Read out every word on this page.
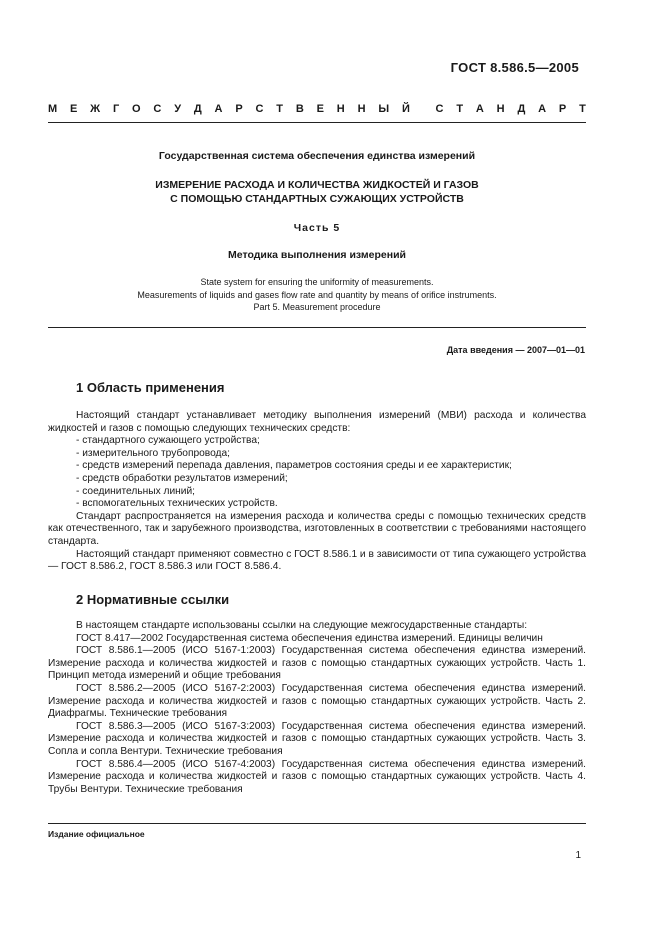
ГОСТ 8.586.5—2005
М Е Ж Г О С У Д А Р С Т В Е Н Н Ы Й С Т А Н Д А Р Т
Государственная система обеспечения единства измерений
ИЗМЕРЕНИЕ РАСХОДА И КОЛИЧЕСТВА ЖИДКОСТЕЙ И ГАЗОВ
С ПОМОЩЬЮ СТАНДАРТНЫХ СУЖАЮЩИХ УСТРОЙСТВ
Часть 5
Методика выполнения измерений
State system for ensuring the uniformity of measurements.
Measurements of liquids and gases flow rate and quantity by means of orifice instruments.
Part 5. Measurement procedure
Дата введения — 2007—01—01
1 Область применения

Настоящий стандарт устанавливает методику выполнения измерений (МВИ) расхода и количества жидкостей и газов с помощью следующих технических средств:

- стандартного сужающего устройства;

- измерительного трубопровода;

- средств измерений перепада давления, параметров состояния среды и ее характеристик;

- средств обработки результатов измерений;

- соединительных линий;

- вспомогательных технических устройств.

Стандарт распространяется на измерения расхода и количества среды с помощью технических средств как отечественного, так и зарубежного производства, изготовленных в соответствии с требованиями настоящего стандарта.

Настоящий стандарт применяют совместно с ГОСТ 8.586.1 и в зависимости от типа сужающего устройства — ГОСТ 8.586.2, ГОСТ 8.586.3 или ГОСТ 8.586.4.

2 Нормативные ссылки

В настоящем стандарте использованы ссылки на следующие межгосударственные стандарты:

ГОСТ 8.417—2002 Государственная система обеспечения единства измерений. Единицы величин

ГОСТ 8.586.1—2005 (ИСО 5167-1:2003) Государственная система обеспечения единства измерений. Измерение расхода и количества жидкостей и газов с помощью стандартных сужающих устройств. Часть 1. Принцип метода измерений и общие требования

ГОСТ 8.586.2—2005 (ИСО 5167-2:2003) Государственная система обеспечения единства измерений. Измерение расхода и количества жидкостей и газов с помощью стандартных сужающих устройств. Часть 2. Диафрагмы. Технические требования

ГОСТ 8.586.3—2005 (ИСО 5167-3:2003) Государственная система обеспечения единства измерений. Измерение расхода и количества жидкостей и газов с помощью стандартных сужающих устройств. Часть 3. Сопла и сопла Вентури. Технические требования

ГОСТ 8.586.4—2005 (ИСО 5167-4:2003) Государственная система обеспечения единства измерений. Измерение расхода и количества жидкостей и газов с помощью стандартных сужающих устройств. Часть 4. Трубы Вентури. Технические требования

Издание официальное
1
